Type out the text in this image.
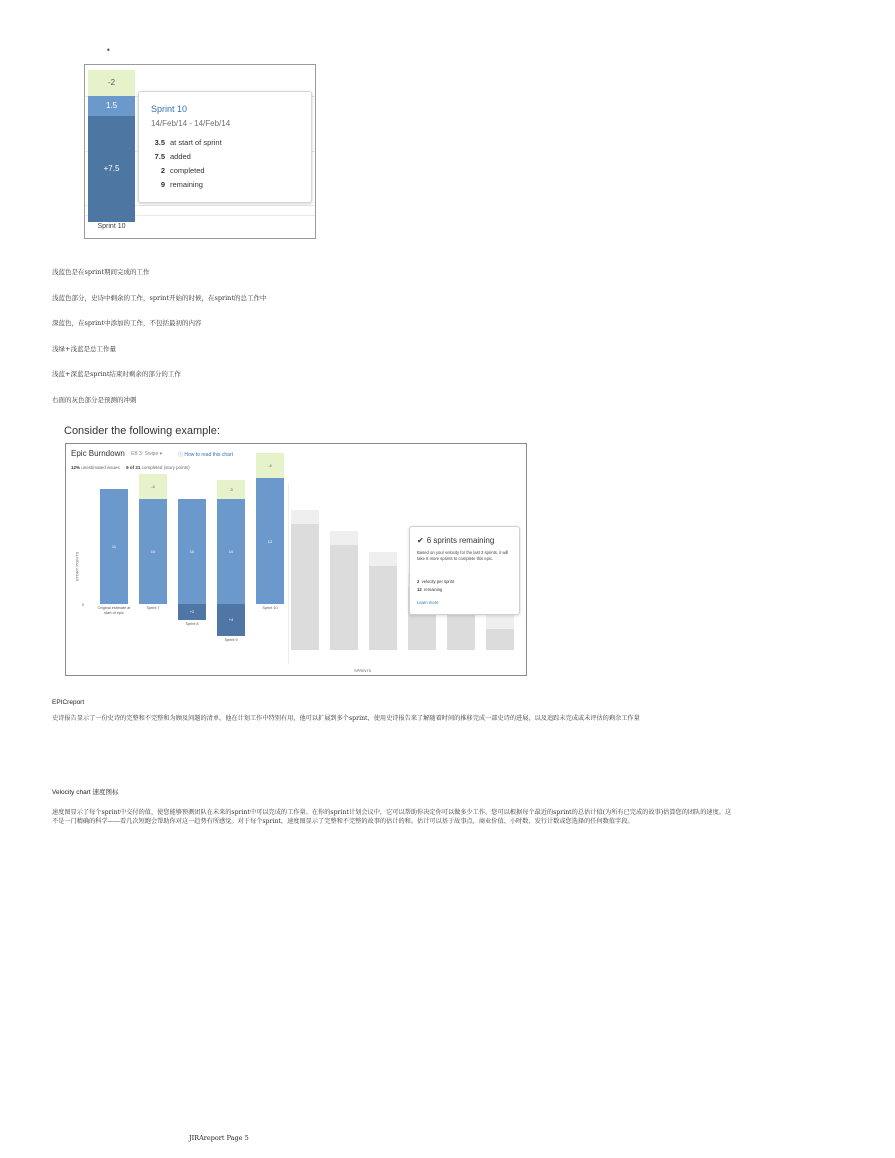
•
-2
1.5
+7.5
Sprint 10
Sprint 10
14/Feb/14 - 14/Feb/14
3.5 at start of sprint
7.5 added
2 completed
9 remaining
浅蓝色是在sprint期间完成的工作
浅蓝色部分，史诗中剩余的工作，sprint开始的时候，在sprint的总工作中
深蓝色，在sprint中添加的工作，不包括最初的内容
浅绿+浅蓝是总工作量
浅蓝+深蓝是sprint结束时剩余的部分的工作
右面的灰色部分是预测的冲刺
Consider the following example:
Epic Burndown EB 3: Swipe ▾	ⓘ How to read this chart
12% unestimated issues 9 of 21 completed (story points)
STORY POINTS
0
11
Original estimate at start of epic
10
-4
Sprint 7
10
+2
Sprint 8
10
-3
+4
Sprint 9
12
-4
Sprint 10
SPRINTS
✔ 6 sprints remaining
Based on your velocity for the last 3 sprints, it will take 6 more sprints to complete this epic.
2 velocity per sprint
12 remaining
Learn more
EPICreport
史诗报告显示了一份史诗的完整和不完整和为顾及问题的清单，他在计划工作中特别有用，他可以扩展到多个sprint，使用史诗报告来了解随着时间的推移完成一部史诗的进展，以及追踪未完成或未评估的剩余工作量
Velocity chart 速度图标
速度图显示了每个sprint中交付的值，使您能够预测团队在未来的sprint中可以完成的工作量。在你的sprint计划会议中，它可以帮助你决定你可以做多少工作。您可以根据每个最近的sprint的总估计值(为所有已完成的故事)估算您的团队的速度。这不是一门精确的科学——看几次短跑会帮助你对这一趋势有所感觉。对于每个sprint，速度图显示了完整和不完整的故事的估计的和。估计可以基于故事点，商业价值、小时数、发行计数或您选择的任何数值字段。
JIRAreport Page 5
